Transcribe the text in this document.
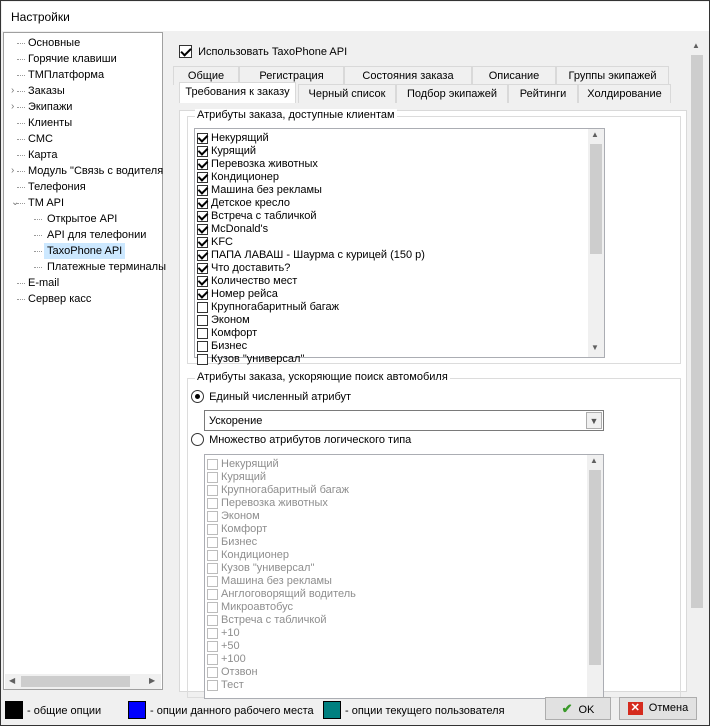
Настройки
◀	▶
Основные
Горячие клавиши
ТМПлатформа
›	Заказы
›	Экипажи
Клиенты
СМС
Карта
›	Модуль "Связь с водителя
Телефония
⌄ TM API
Открытое API
API для телефонии
TaxoPhone API
Платежные терминалы
E-mail
Сервер касс
Использовать TaxoPhone API
Общие	Регистрация	Состояния заказа	Описание	Группы экипажей
Требования к заказу	Черный список	Подбор экипажей	Рейтинги	Холдирование
Атрибуты заказа, доступные клиентам
▲
▼
Некурящий
Курящий
Перевозка животных
Кондиционер
Машина без рекламы
Детское кресло
Встреча с табличкой
McDonald's
KFC
ПАПА ЛАВАШ - Шаурма с курицей (150 р)
Что доставить?
Количество мест
Номер рейса
Крупногабаритный багаж
Эконом
Комфорт
Бизнес
Кузов "универсал"
Атрибуты заказа, ускоряющие поиск автомобиля
Единый численный атрибут
Ускорение	▼
Множество атрибутов логического типа
▲
Некурящий
Курящий
Крупногабаритный багаж
Перевозка животных
Эконом
Комфорт
Бизнес
Кондиционер
Кузов "универсал"
Машина без рекламы
Англоговорящий водитель
Микроавтобус
Встреча с табличкой
+10
+50
+100
Отзвон
Тест
▲
- общие опции	- опции данного рабочего места	- опции текущего пользователя	✔ OK	✕ Отмена
